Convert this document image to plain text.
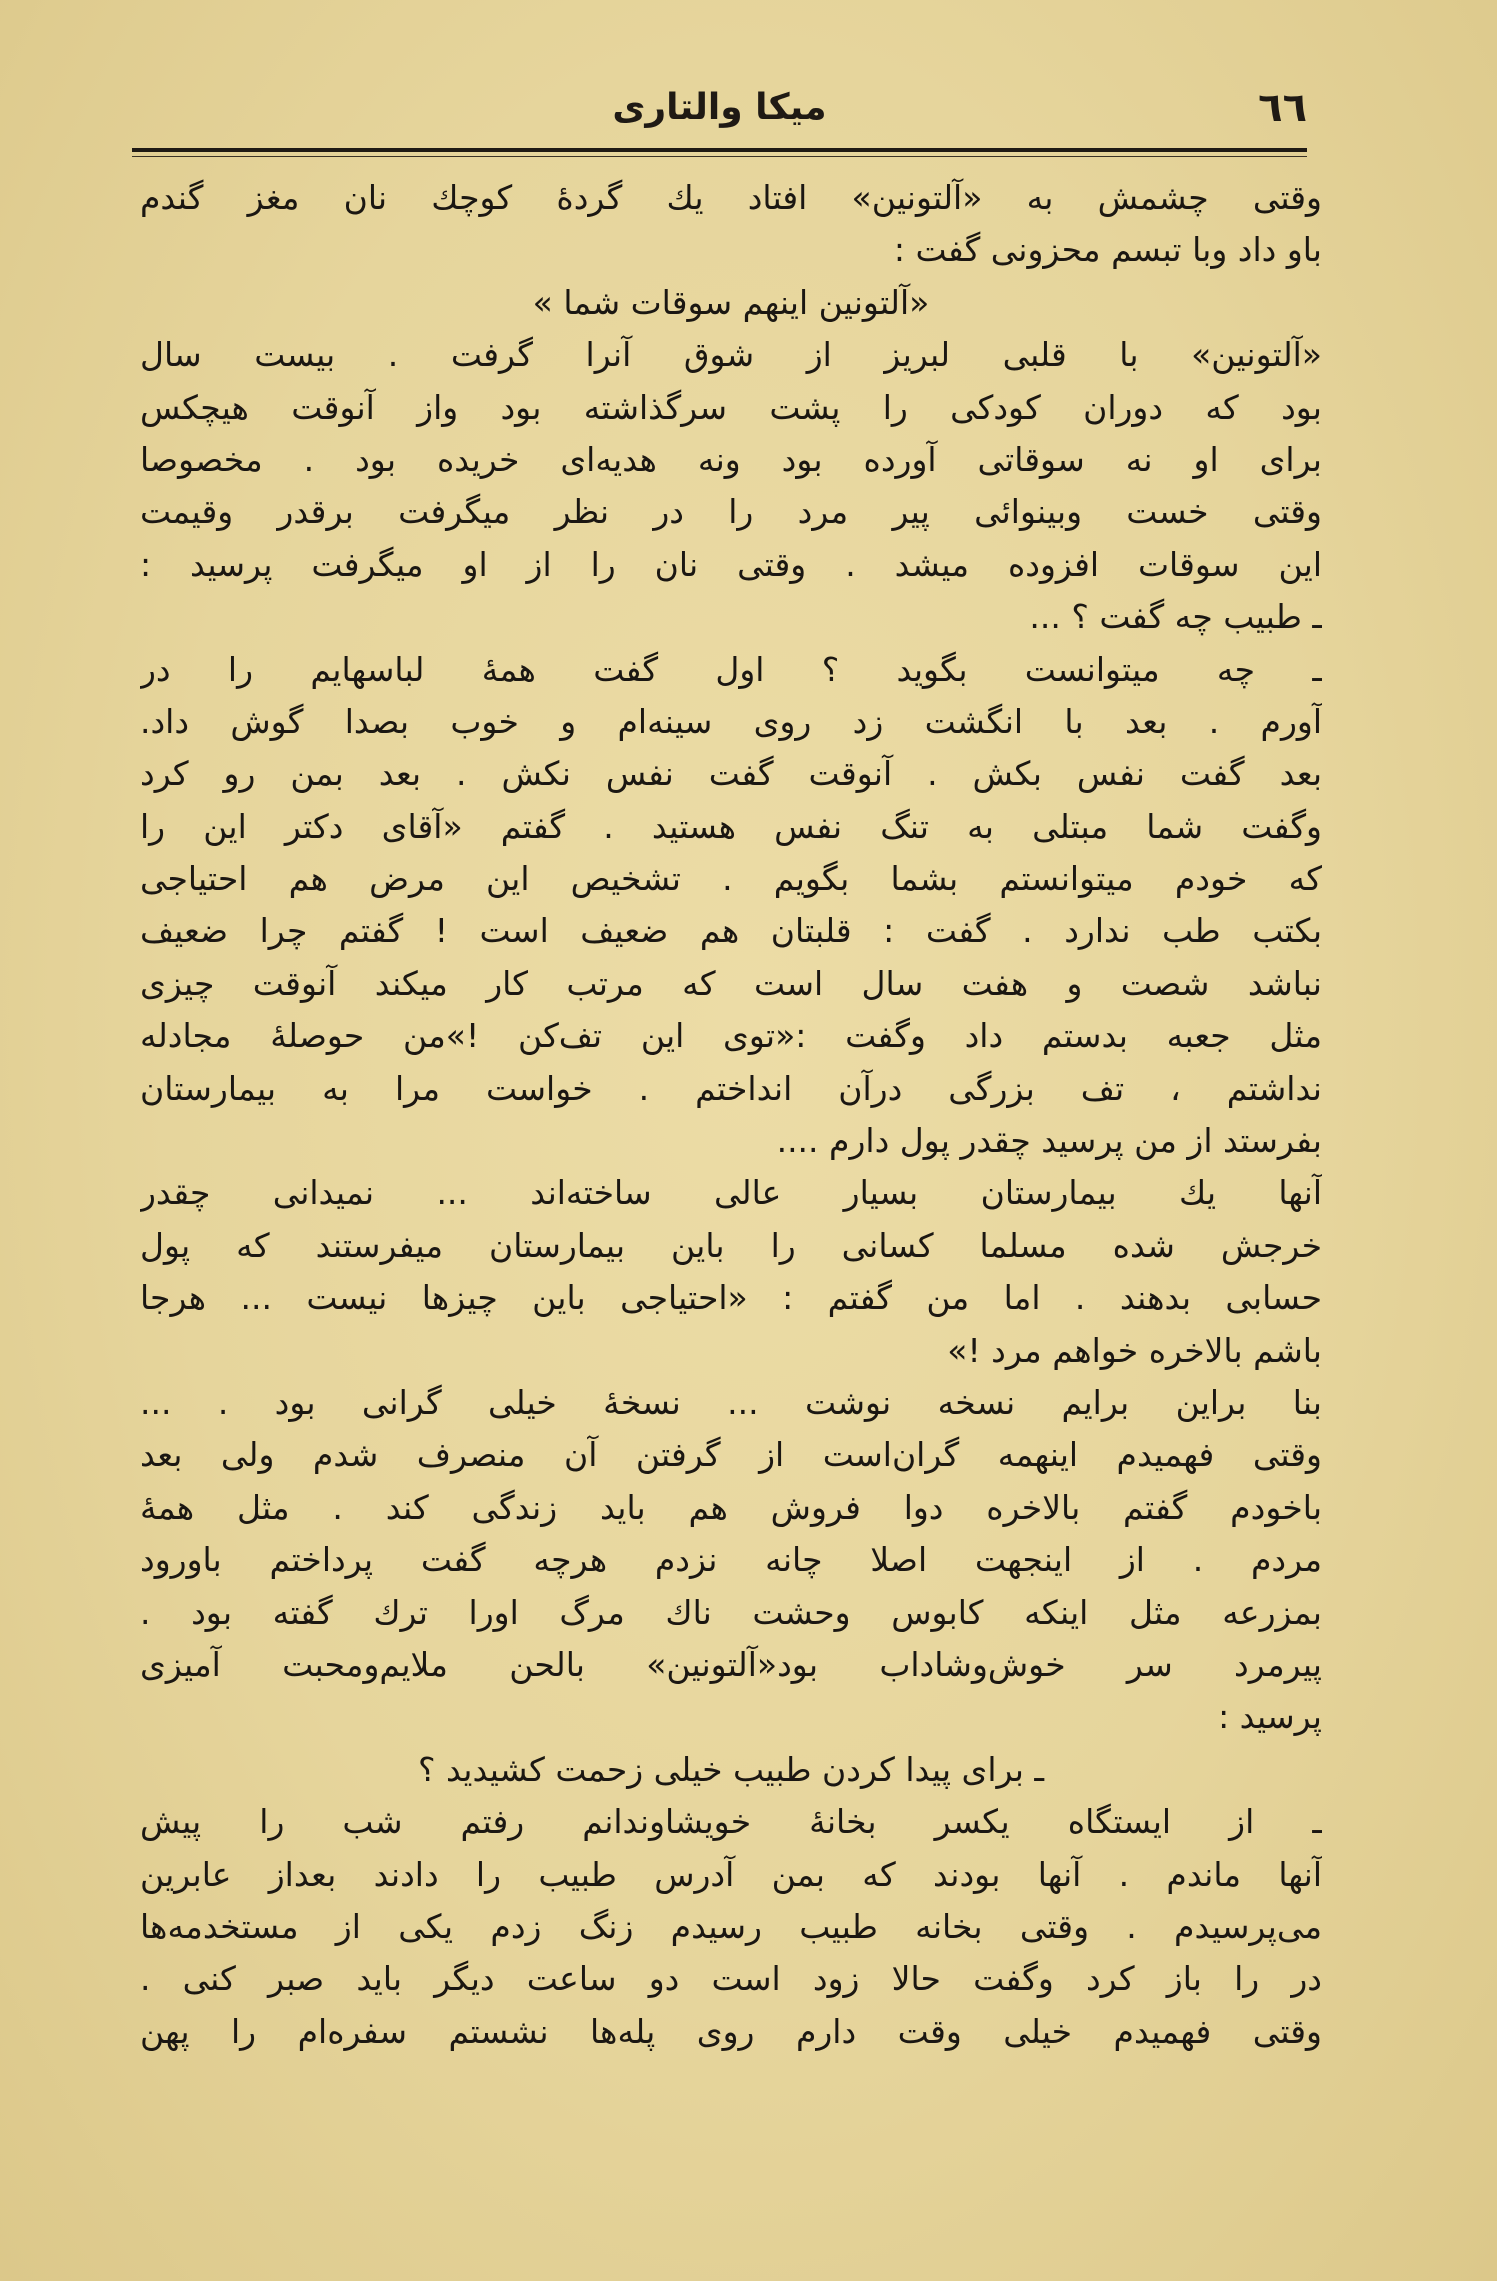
٦٦
میکا والتاری
وقتی چشمش به «آلتونین» افتاد یك گردهٔ کوچك نان مغز گندم
باو داد وبا تبسم محزونی گفت :
«آلتونین اینهم سوقات شما »
«آلتونین» با قلبی لبریز از شوق آنرا گرفت . بیست سال
بود که دوران کودکی را پشت سرگذاشته بود واز آنوقت هیچکس
برای او نه سوقاتی آورده بود ونه هدیه‌ای خریده بود . مخصوصا
وقتی خست وبینوائی پیر مرد را در نظر میگرفت برقدر وقیمت
این سوقات افزوده میشد . وقتی نان را از او میگرفت پرسید :
ـ طبیب چه گفت ؟ ...
ـ چه میتوانست بگوید ؟ اول گفت همهٔ لباسهایم را در
آورم . بعد با انگشت زد روی سینه‌ام و خوب بصدا گوش داد.
بعد گفت نفس بکش . آنوقت گفت نفس نکش . بعد بمن رو کرد
وگفت شما مبتلی به تنگ نفس هستید . گفتم «آقای دکتر این را
که خودم میتوانستم بشما بگویم . تشخیص این مرض هم احتیاجی
بکتب طب ندارد . گفت : قلبتان هم ضعیف است ! گفتم چرا ضعیف
نباشد شصت و هفت سال است که مرتب کار میکند آنوقت چیزی
مثل جعبه بدستم داد وگفت :«توی این تف‌کن !»من حوصلهٔ مجادله
نداشتم ، تف بزرگی درآن انداختم . خواست مرا به بیمارستان
بفرستد از من پرسید چقدر پول دارم ....
آنها یك بیمارستان بسیار عالی ساخته‌اند ... نمیدانی چقدر
خرجش شده مسلما کسانی را باین بیمارستان میفرستند که پول
حسابی بدهند . اما من گفتم : «احتیاجی باین چیزها نیست ... هرجا
باشم بالاخره خواهم مرد !»
بنا براین برایم نسخه نوشت ... نسخهٔ خیلی گرانی بود . ...
وقتی فهمیدم اینهمه گران‌است از گرفتن آن منصرف شدم ولی بعد
باخودم گفتم بالاخره دوا فروش هم باید زندگی کند . مثل همهٔ
مردم . از اینجهت اصلا چانه نزدم هرچه گفت پرداختم باورود
بمزرعه مثل اینکه کابوس وحشت ناك مرگ اورا ترك گفته بود .
پیرمرد سر خوش‌وشاداب بود«آلتونین» بالحن ملایم‌ومحبت آمیزی
پرسید :
ـ برای پیدا کردن طبیب خیلی زحمت کشیدید ؟
ـ از ایستگاه یکسر بخانهٔ خویشاوندانم رفتم شب را پیش
آنها ماندم . آنها بودند که بمن آدرس طبیب را دادند بعداز عابرین
می‌پرسیدم . وقتی بخانه طبیب رسیدم زنگ زدم یکی از مستخدمه‌ها
در را باز کرد وگفت حالا زود است دو ساعت دیگر باید صبر کنی .
وقتی فهمیدم خیلی وقت دارم روی پله‌ها نشستم سفره‌ام را پهن
